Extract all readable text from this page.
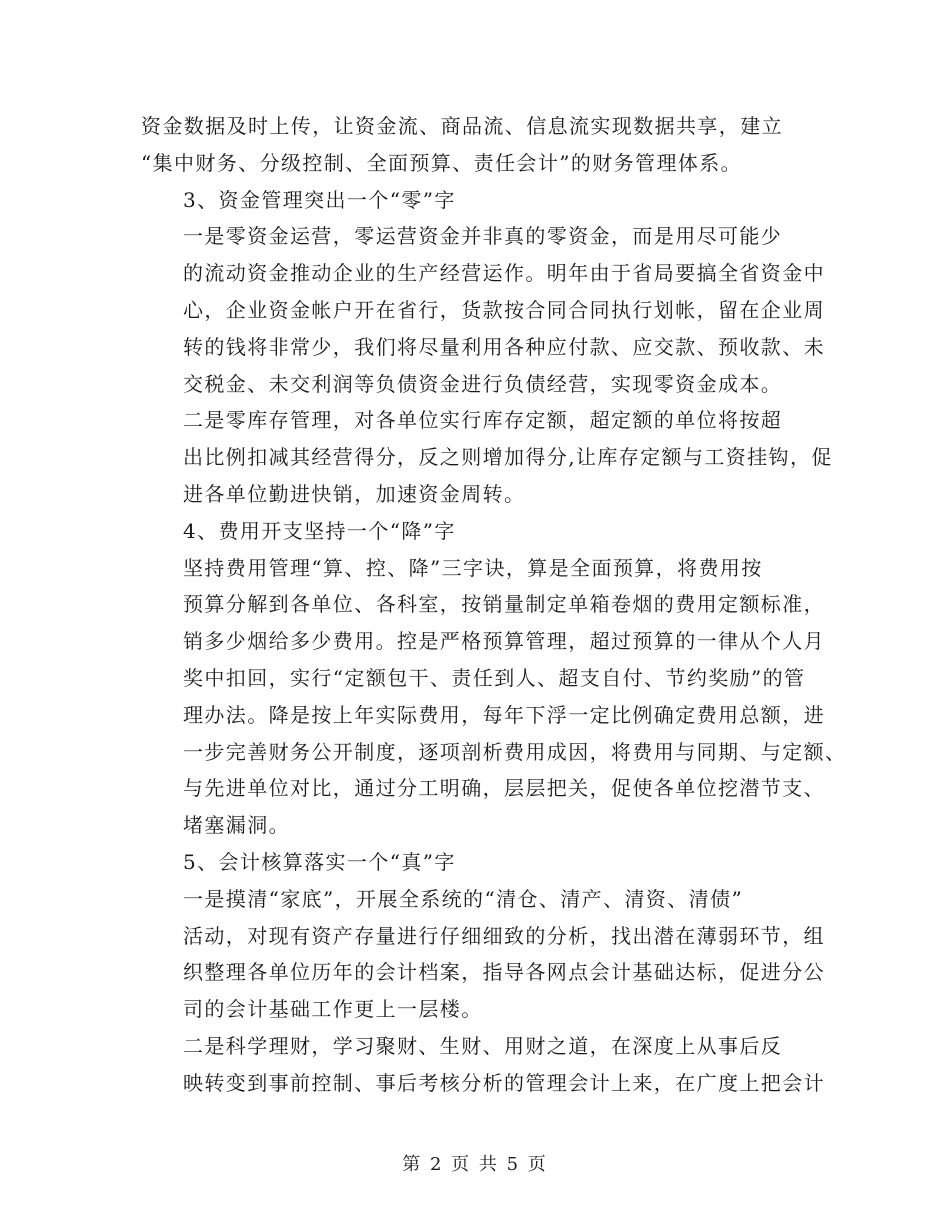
资金数据及时上传，让资金流、商品流、信息流实现数据共享，建立
“集中财务、分级控制、全面预算、责任会计”的财务管理体系。
3、资金管理突出一个“零”字
一是零资金运营，零运营资金并非真的零资金，而是用尽可能少
的流动资金推动企业的生产经营运作。明年由于省局要搞全省资金中
心，企业资金帐户开在省行，货款按合同合同执行划帐，留在企业周
转的钱将非常少，我们将尽量利用各种应付款、应交款、预收款、未
交税金、未交利润等负债资金进行负债经营，实现零资金成本。
二是零库存管理，对各单位实行库存定额，超定额的单位将按超
出比例扣减其经营得分，反之则增加得分,让库存定额与工资挂钩，促
进各单位勤进快销，加速资金周转。
4、费用开支坚持一个“降”字
坚持费用管理“算、控、降”三字诀，算是全面预算，将费用按
预算分解到各单位、各科室，按销量制定单箱卷烟的费用定额标准，
销多少烟给多少费用。控是严格预算管理，超过预算的一律从个人月
奖中扣回，实行“定额包干、责任到人、超支自付、节约奖励”的管
理办法。降是按上年实际费用，每年下浮一定比例确定费用总额，进
一步完善财务公开制度，逐项剖析费用成因，将费用与同期、与定额、
与先进单位对比，通过分工明确，层层把关，促使各单位挖潜节支、
堵塞漏洞。
5、会计核算落实一个“真”字
一是摸清“家底”，开展全系统的“清仓、清产、清资、清债”
活动，对现有资产存量进行仔细细致的分析，找出潜在薄弱环节，组
织整理各单位历年的会计档案，指导各网点会计基础达标，促进分公
司的会计基础工作更上一层楼。
二是科学理财，学习聚财、生财、用财之道，在深度上从事后反
映转变到事前控制、事后考核分析的管理会计上来，在广度上把会计
第 2 页 共 5 页
